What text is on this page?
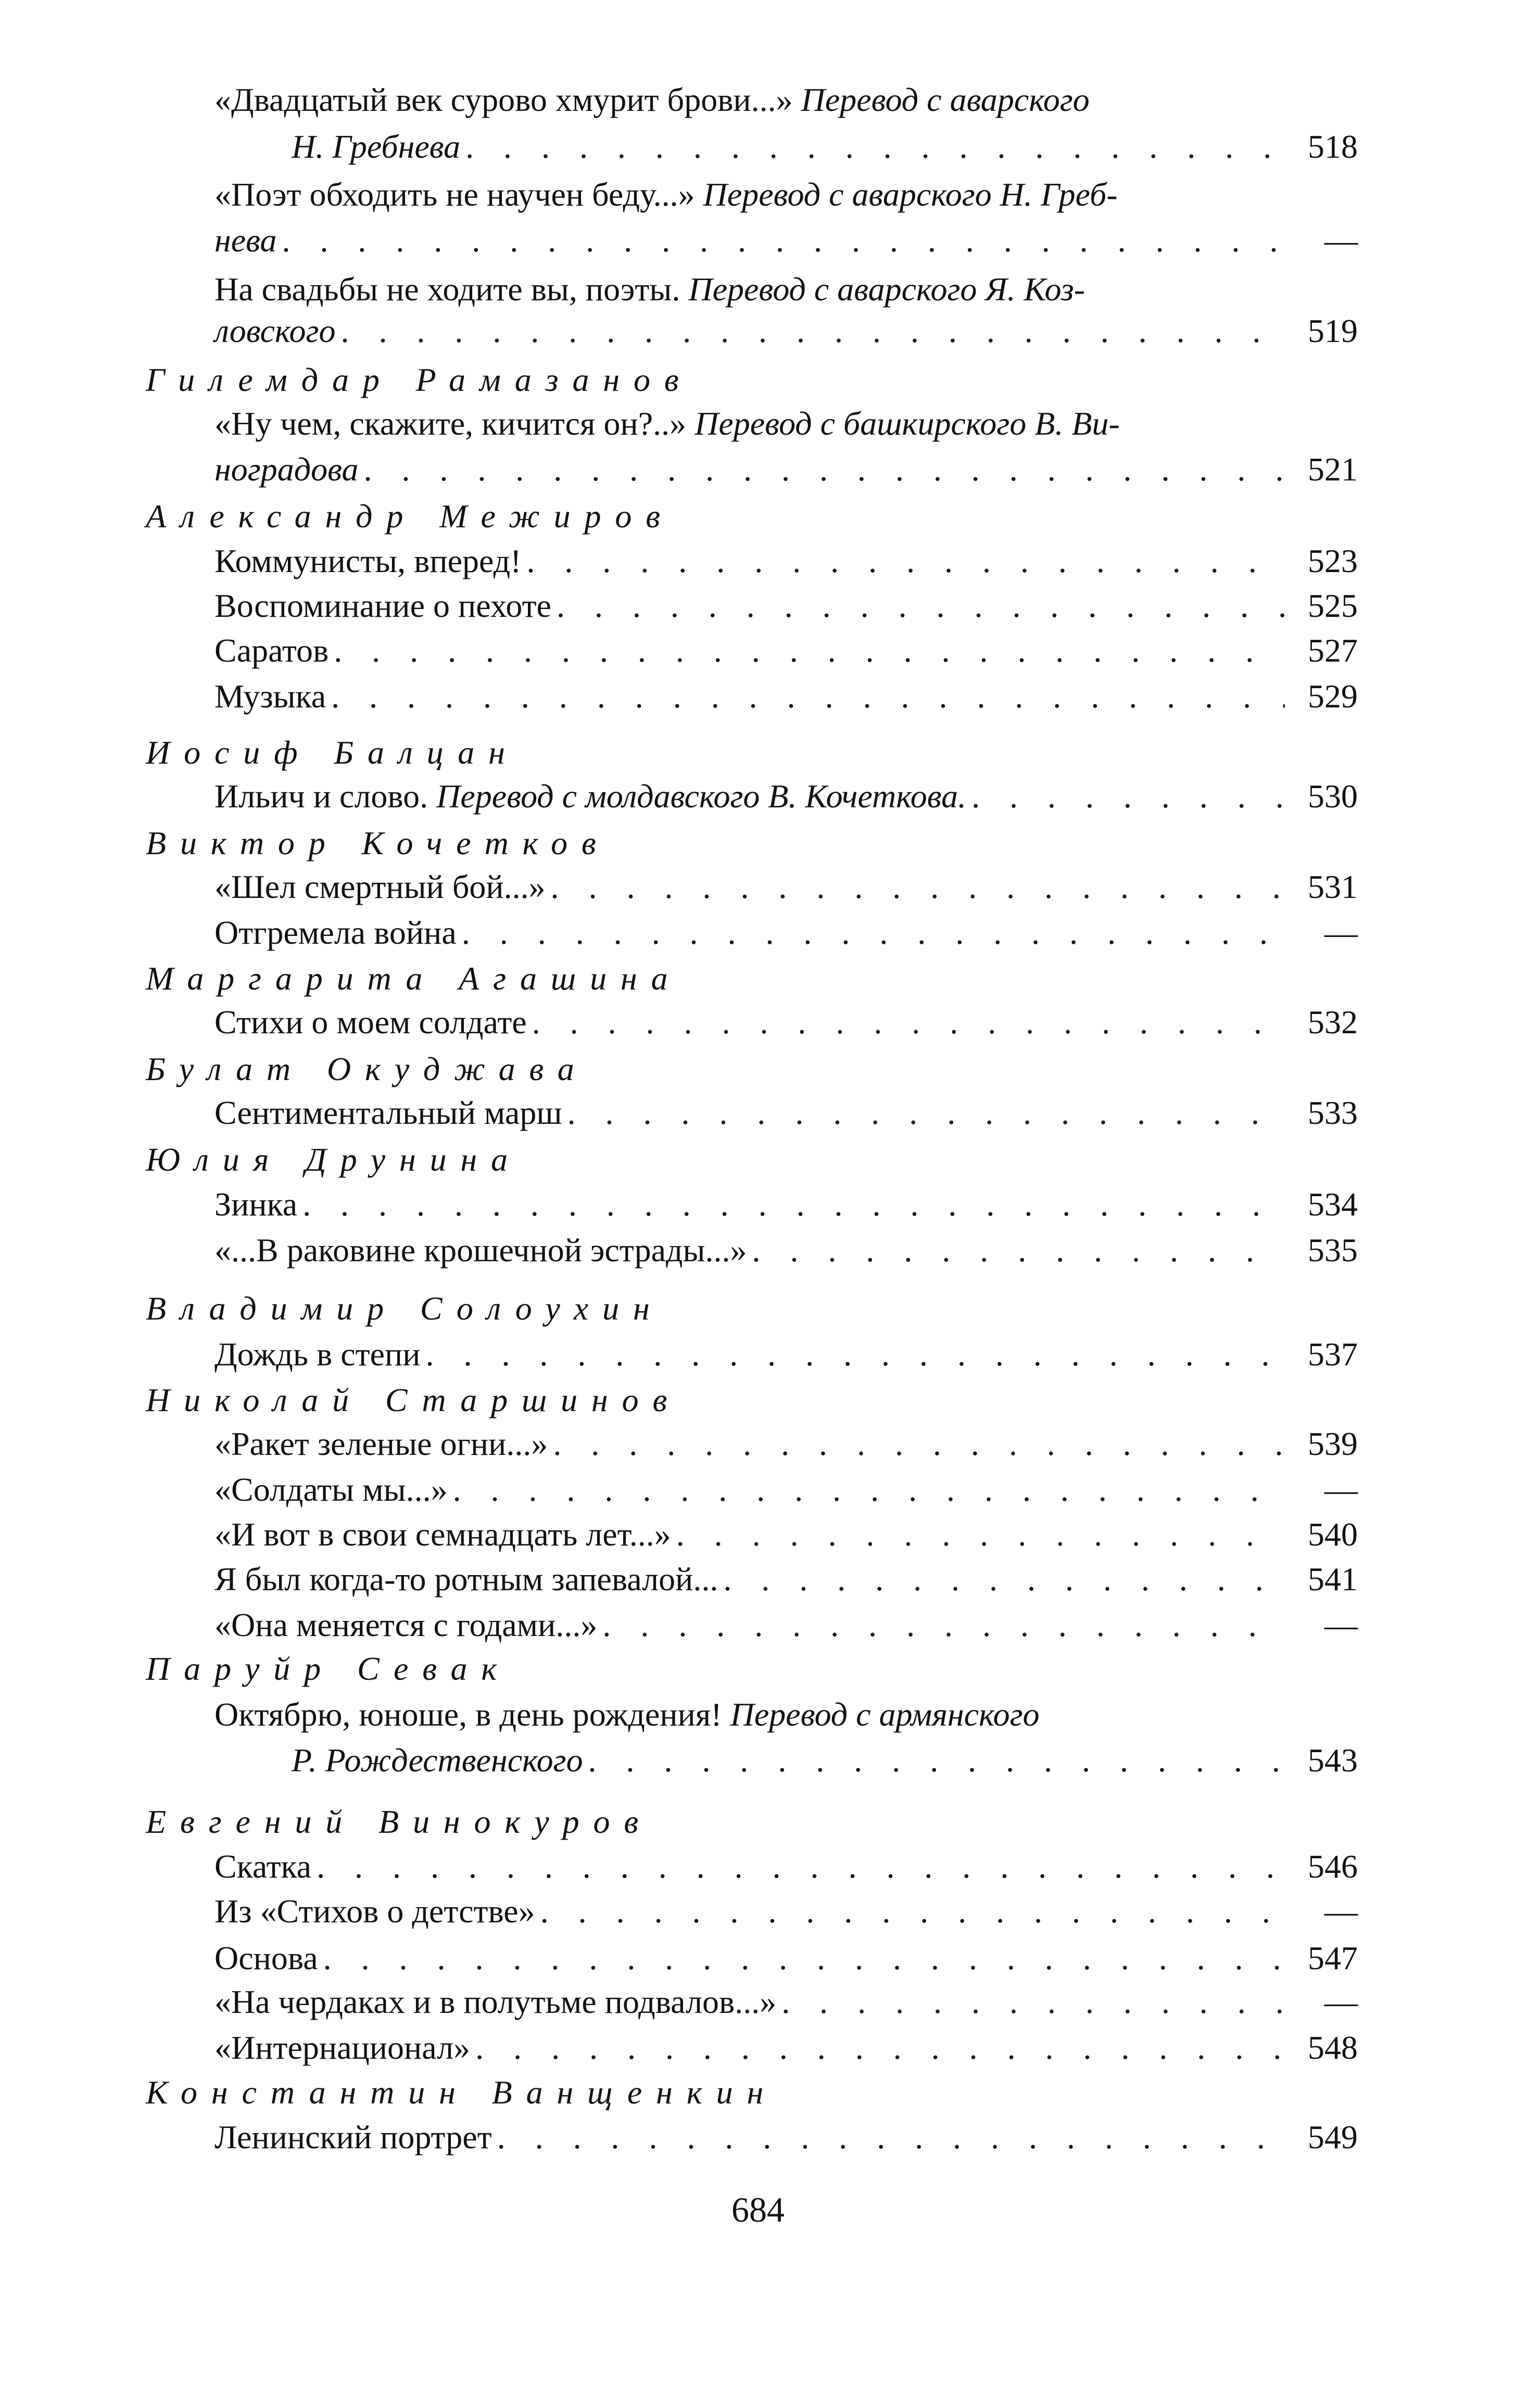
«Двадцатый век сурово хмурит брови...» Перевод с аварского
Н. Гребнева . . .	518
«Поэт обходить не научен беду...» Перевод с аварского Н. Греб-
нева . . .	—
На свадьбы не ходите вы, поэты. Перевод с аварского Я. Коз-
ловского . . .	519
Гилемдар Рамазанов
«Ну чем, скажите, кичится он?..» Перевод с башкирского В. Ви-
ноградова . . .	521
Александр Межиров
Коммунисты, вперед! . . .	523
Воспоминание о пехоте . . .	525
Саратов . . .	527
Музыка . . .	529
Иосиф Балцан
Ильич и слово. Перевод с молдавского В. Кочеткова. . . .	530
Виктор Кочетков
«Шел смертный бой...» . . .	531
Отгремела война . . .	—
Маргарита Агашина
Стихи о моем солдате . . .	532
Булат Окуджава
Сентиментальный марш . . .	533
Юлия Друнина
Зинка . . .	534
«...В раковине крошечной эстрады...» . . .	535
Владимир Солоухин
Дождь в степи . . .	537
Николай Старшинов
«Ракет зеленые огни...» . . .	539
«Солдаты мы...» . . .	—
«И вот в свои семнадцать лет...» . . .	540
Я был когда-то ротным запевалой... . . .	541
«Она меняется с годами...» . . .	—
Паруйр Севак
Октябрю, юноше, в день рождения! Перевод с армянского
Р. Рождественского . . .	543
Евгений Винокуров
Скатка . . .	546
Из «Стихов о детстве» . . .	—
Основа . . .	547
«На чердаках и в полутьме подвалов...» . . .	—
«Интернационал» . . .	548
Константин Ванщенкин
Ленинский портрет . . .	549
684
